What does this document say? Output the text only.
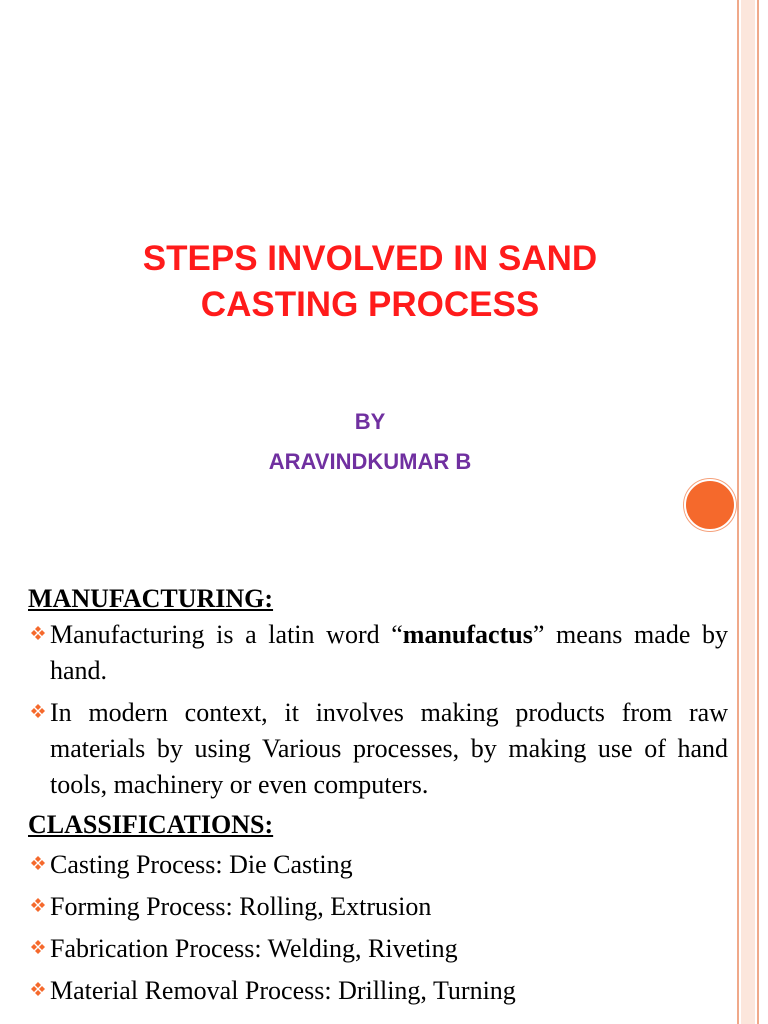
STEPS INVOLVED IN SAND CASTING PROCESS
BY
ARAVINDKUMAR B

MANUFACTURING:

Manufacturing is a latin word “manufactus” means made by hand.

In modern context, it involves making products from raw materials by using Various processes, by making use of hand tools, machinery or even computers.

CLASSIFICATIONS:

Casting Process: Die Casting

Forming Process: Rolling, Extrusion

Fabrication Process: Welding, Riveting

Material Removal Process: Drilling, Turning
